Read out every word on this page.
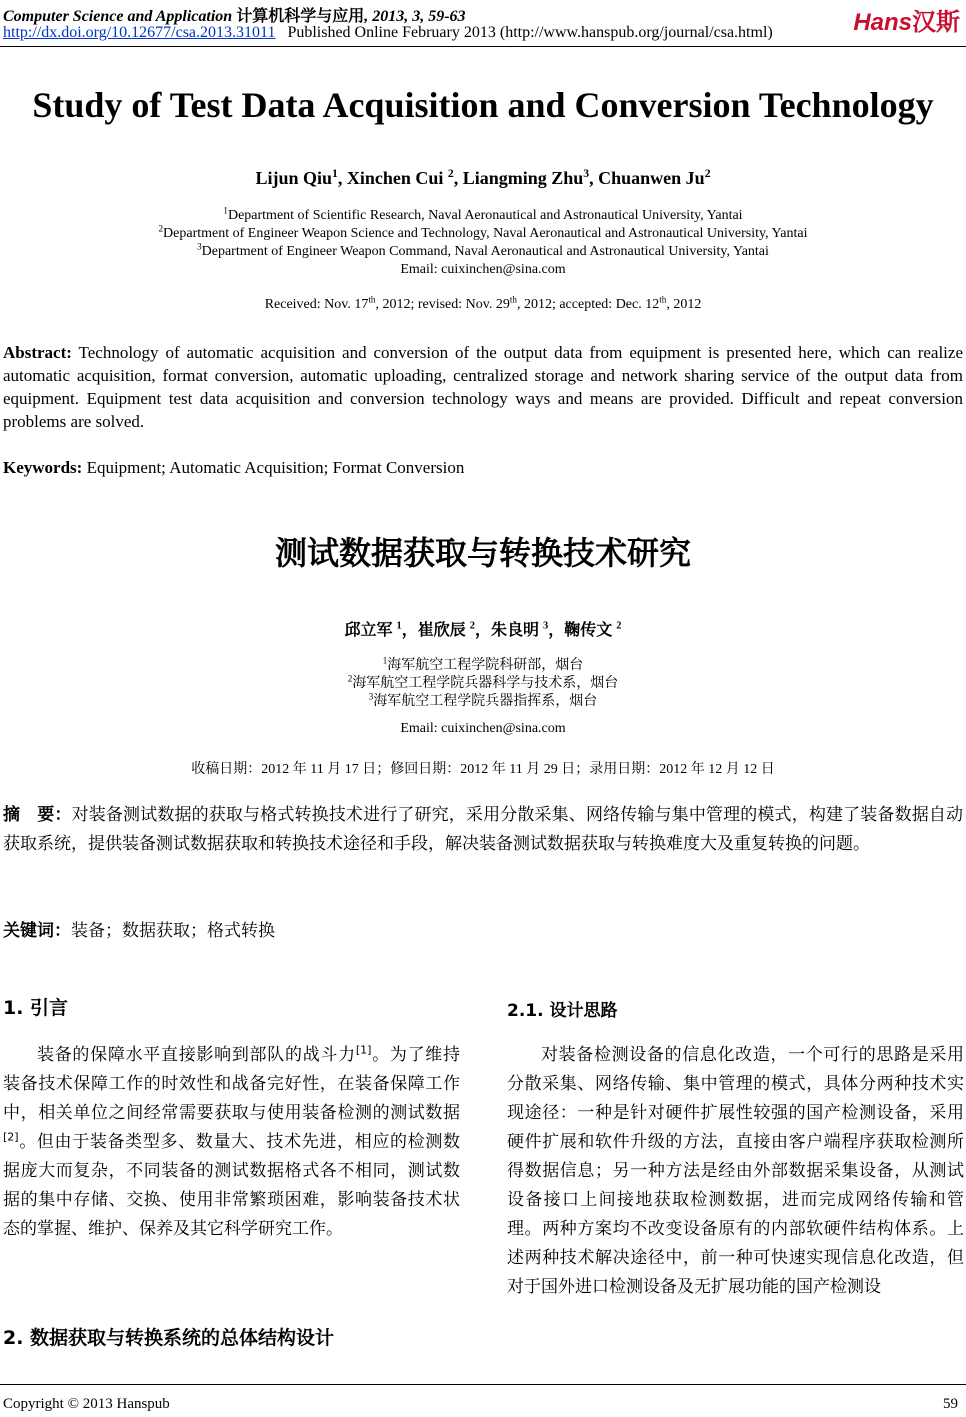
Computer Science and Application 计算机科学与应用, 2013, 3, 59-63
http://dx.doi.org/10.12677/csa.2013.31011 Published Online February 2013 (http://www.hanspub.org/journal/csa.html)	Hans汉斯
Study of Test Data Acquisition and Conversion Technology
Lijun Qiu$^1$, Xinchen Cui $^2$, Liangming Zhu$^3$, Chuanwen Ju$^2$
$^1$Department of Scientific Research, Naval Aeronautical and Astronautical University, Yantai
$^2$Department of Engineer Weapon Science and Technology, Naval Aeronautical and Astronautical University, Yantai
$^3$Department of Engineer Weapon Command, Naval Aeronautical and Astronautical University, Yantai
Email: cuixinchen@sina.com
Received: Nov. 17th, 2012; revised: Nov. 29th, 2012; accepted: Dec. 12th, 2012
Abstract: Technology of automatic acquisition and conversion of the output data from equipment is presented here, which can realize automatic acquisition, format conversion, automatic uploading, centralized storage and network sharing service of the output data from equipment. Equipment test data acquisition and conversion technology ways and means are provided. Difficult and repeat conversion problems are solved.
Keywords: Equipment; Automatic Acquisition; Format Conversion
测试数据获取与转换技术研究
邱立军 $^1$，崔欣辰 $^2$，朱良明 $^3$，鞠传文 $^2$
$^1$海军航空工程学院科研部，烟台
$^2$海军航空工程学院兵器科学与技术系，烟台
$^3$海军航空工程学院兵器指挥系，烟台
Email: cuixinchen@sina.com
收稿日期：2012 年 11 月 17 日；修回日期：2012 年 11 月 29 日；录用日期：2012 年 12 月 12 日
摘　要：对装备测试数据的获取与格式转换技术进行了研究，采用分散采集、网络传输与集中管理的模式，构建了装备数据自动获取系统，提供装备测试数据获取和转换技术途径和手段，解决装备测试数据获取与转换难度大及重复转换的问题。
关键词：装备；数据获取；格式转换
1. 引言

装备的保障水平直接影响到部队的战斗力[1]。为了维持装备技术保障工作的时效性和战备完好性，在装备保障工作中，相关单位之间经常需要获取与使用装备检测的测试数据[2]。但由于装备类型多、数量大、技术先进，相应的检测数据庞大而复杂，不同装备的测试数据格式各不相同，测试数据的集中存储、交换、使用非常繁琐困难，影响装备技术状态的掌握、维护、保养及其它科学研究工作。

2. 数据获取与转换系统的总体结构设计
2.1. 设计思路

对装备检测设备的信息化改造，一个可行的思路是采用分散采集、网络传输、集中管理的模式，具体分两种技术实现途径：一种是针对硬件扩展性较强的国产检测设备，采用硬件扩展和软件升级的方法，直接由客户端程序获取检测所得数据信息；另一种方法是经由外部数据采集设备，从测试设备接口上间接地获取检测数据，进而完成网络传输和管理。两种方案均不改变设备原有的内部软硬件结构体系。上述两种技术解决途径中，前一种可快速实现信息化改造，但对于国外进口检测设备及无扩展功能的国产检测设

Copyright © 2013 Hanspub	59
